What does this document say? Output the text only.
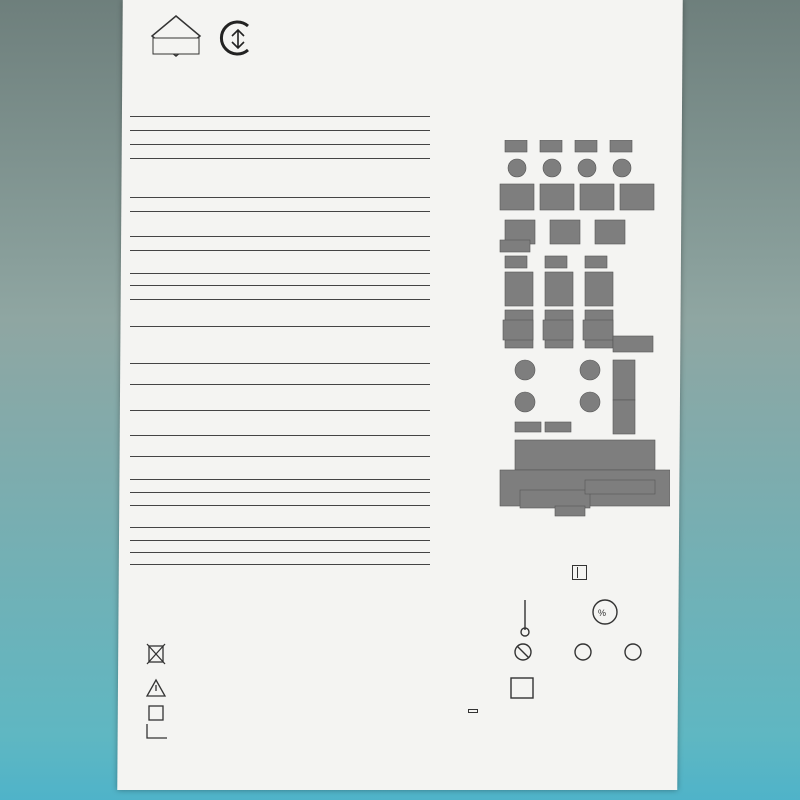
%
